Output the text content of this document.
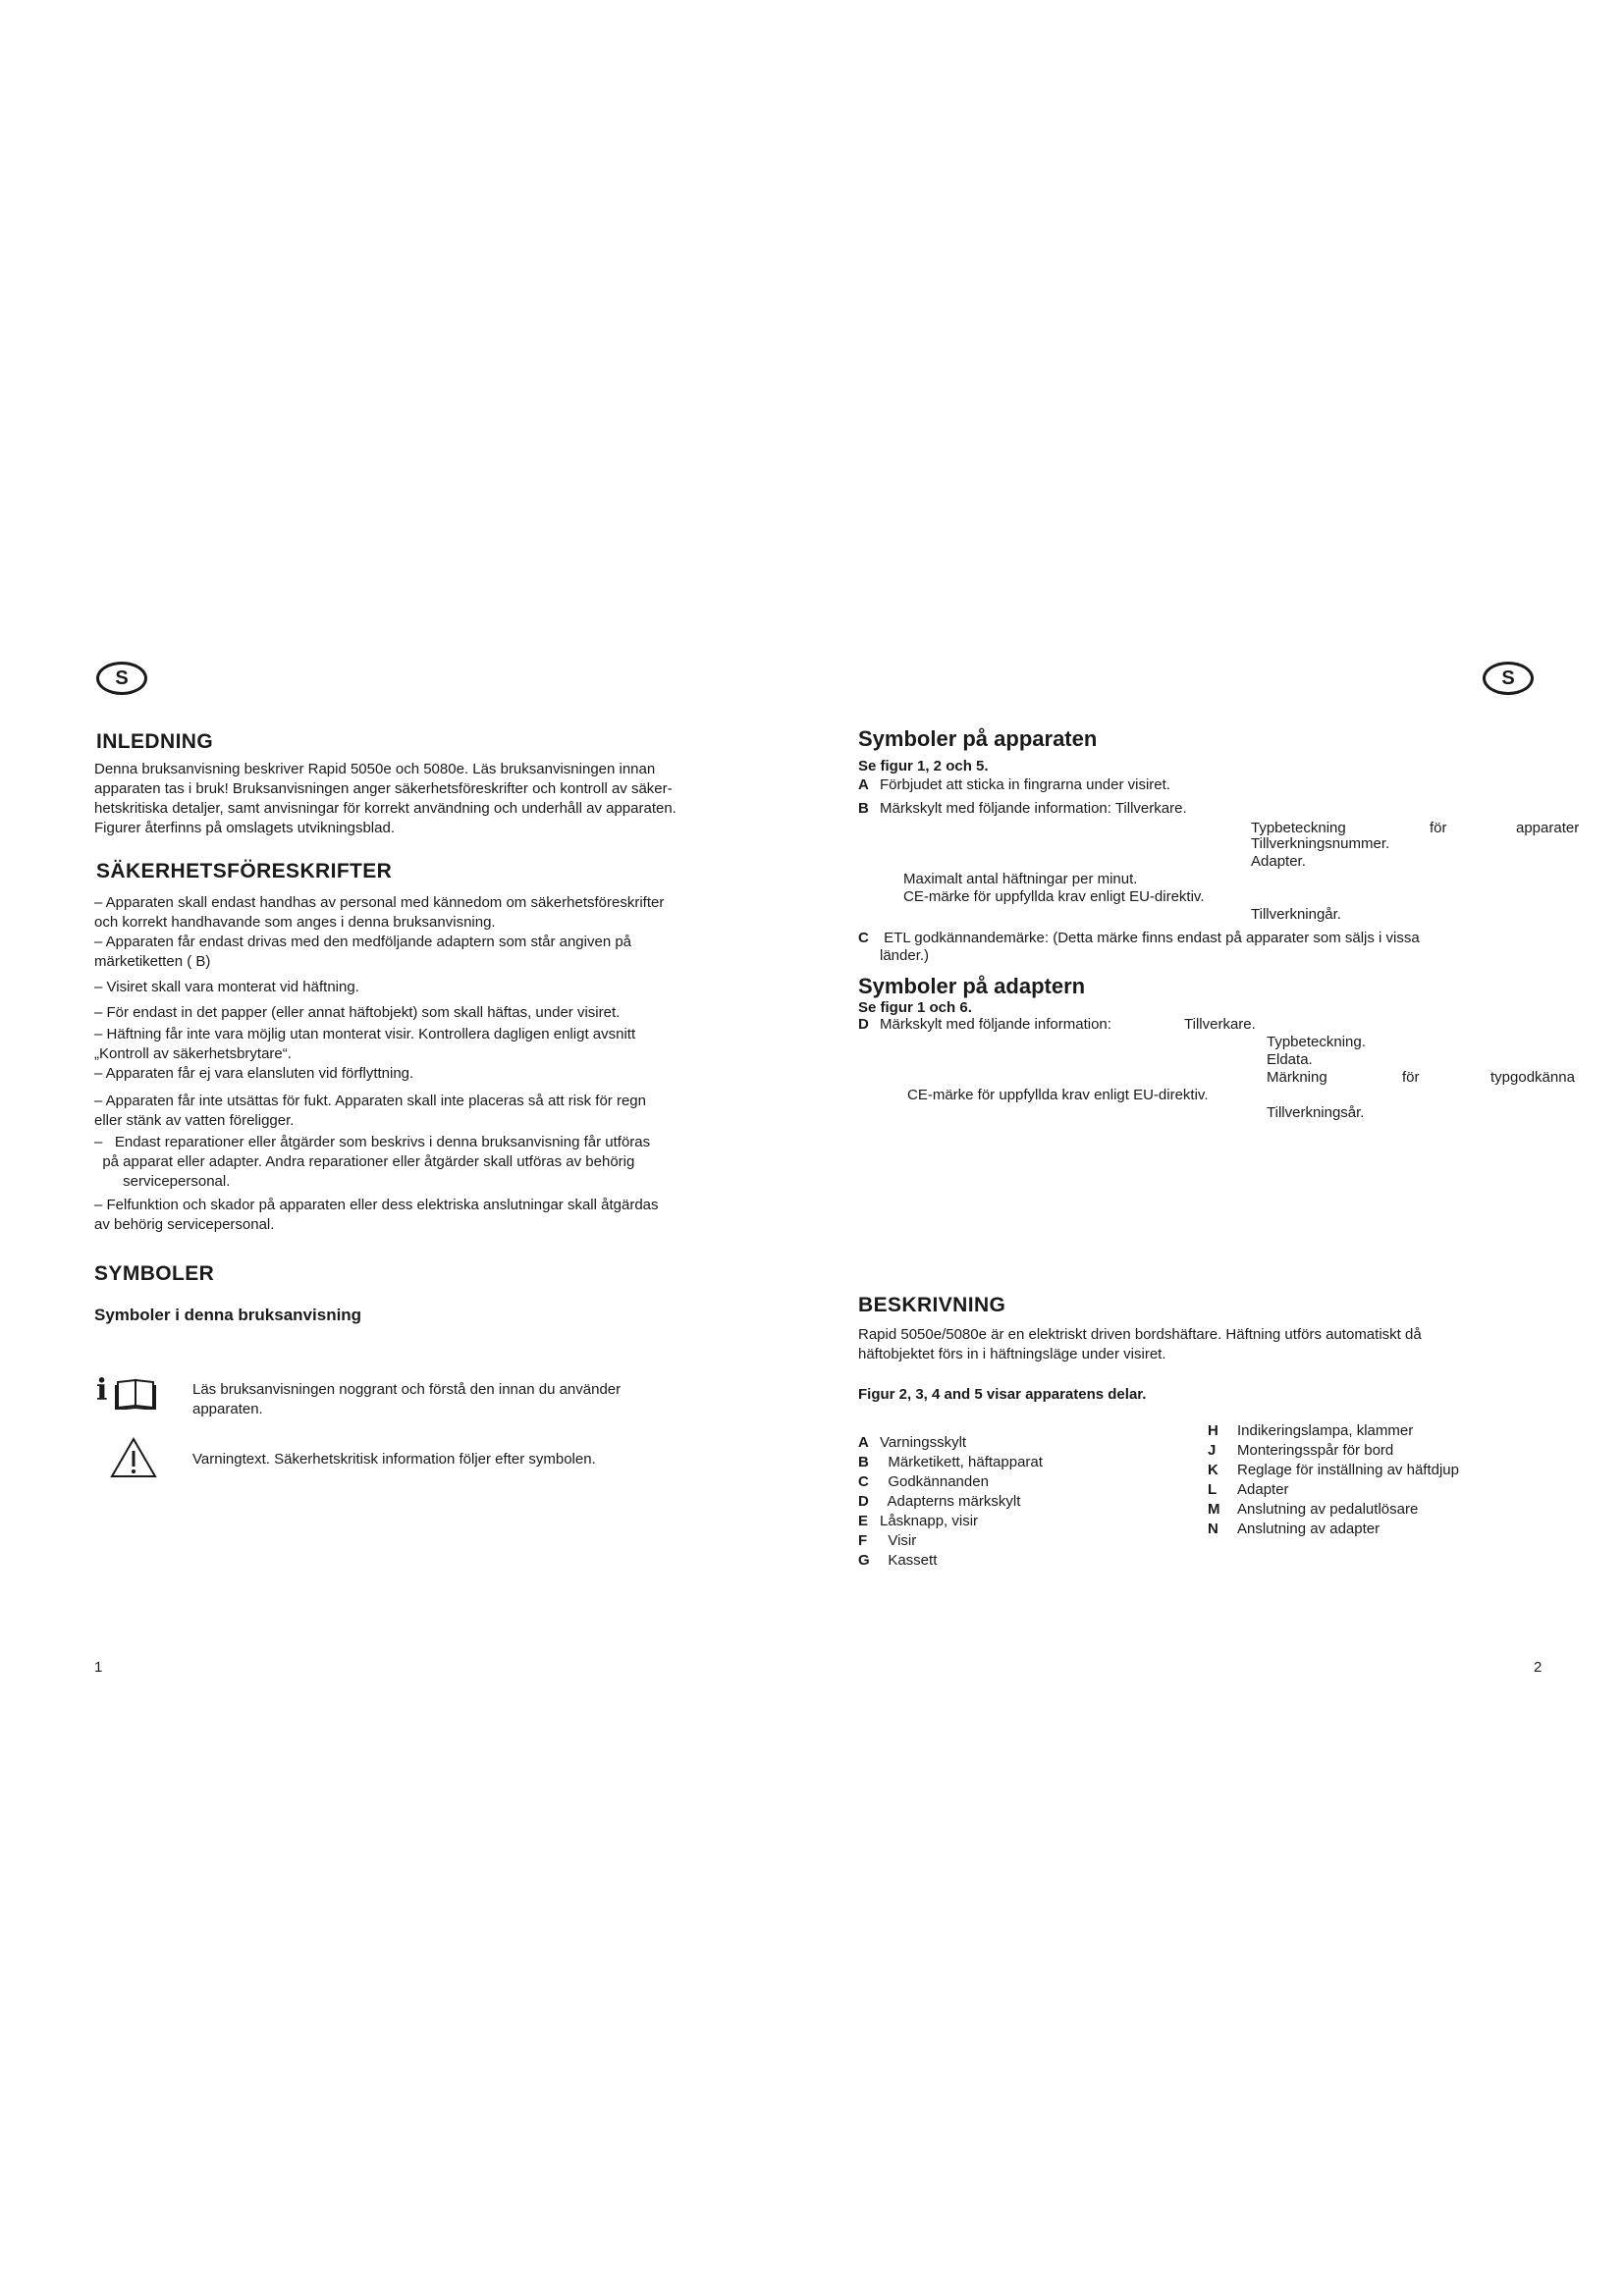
S
INLEDNING

Denna bruksanvisning beskriver Rapid 5050e och 5080e. Läs bruksanvisningen innan

apparaten tas i bruk! Bruksanvisningen anger säkerhetsföreskrifter och kontroll av säker-

hetskritiska detaljer, samt anvisningar för korrekt användning och underhåll av apparaten.

Figurer återfinns på omslagets utvikningsblad.

SÄKERHETSFÖRESKRIFTER

– Apparaten skall endast handhas av personal med kännedom om säkerhetsföreskrifter

och korrekt handhavande som anges i denna bruksanvisning.

– Apparaten får endast drivas med den medföljande adaptern som står angiven på

märketiketten ( B)

– Visiret skall vara monterat vid häftning.

– För endast in det papper (eller annat häftobjekt) som skall häftas, under visiret.

– Häftning får inte vara möjlig utan monterat visir. Kontrollera dagligen enligt avsnitt

„Kontroll av säkerhetsbrytare“.

– Apparaten får ej vara elansluten vid förflyttning.

– Apparaten får inte utsättas för fukt. Apparaten skall inte placeras så att risk för regn

eller stänk av vatten föreligger.

–   Endast reparationer eller åtgärder som beskrivs i denna bruksanvisning får utföras

på apparat eller adapter. Andra reparationer eller åtgärder skall utföras av behörig

servicepersonal.

– Felfunktion och skador på apparaten eller dess elektriska anslutningar skall åtgärdas

av behörig servicepersonal.

SYMBOLER
Symboler i denna bruksanvisning
i	Läs bruksanvisningen noggrant och förstå den innan du använder

apparaten.

Varningtext. Säkerhetskritisk information följer efter symbolen.

1
S
Symboler på apparaten

Se figur 1, 2 och 5.

A Förbjudet att sticka in fingrarna under visiret.

B Märkskylt med följande information: Tillverkare.

Typbeteckning	för	apparater

Tillverkningsnummer.

Adapter.

Maximalt antal häftningar per minut.

CE-märke för uppfyllda krav enligt EU-direktiv.

Tillverkningår.

C ETL godkännandemärke: (Detta märke finns endast på apparater som säljs i vissa

länder.)

Symboler på adaptern

Se figur 1 och 6.

D Märkskylt med följande information:	Tillverkare.

Typbeteckning.

Eldata.

Märkning	för	typgodkänna

CE-märke för uppfyllda krav enligt EU-direktiv.

Tillverkningsår.

BESKRIVNING

Rapid 5050e/5080e är en elektriskt driven bordshäftare. Häftning utförs automatiskt då

häftobjektet förs in i häftningsläge under visiret.

Figur 2, 3, 4 and 5 visar apparatens delar.

A Varningsskylt

B  Märketikett, häftapparat

C  Godkännanden

D  Adapterns märkskylt

E Låsknapp, visir

F  Visir

G  Kassett

H Indikeringslampa, klammer

J Monteringsspår för bord

K Reglage för inställning av häftdjup

L Adapter

M Anslutning av pedalutlösare

N Anslutning av adapter

2
